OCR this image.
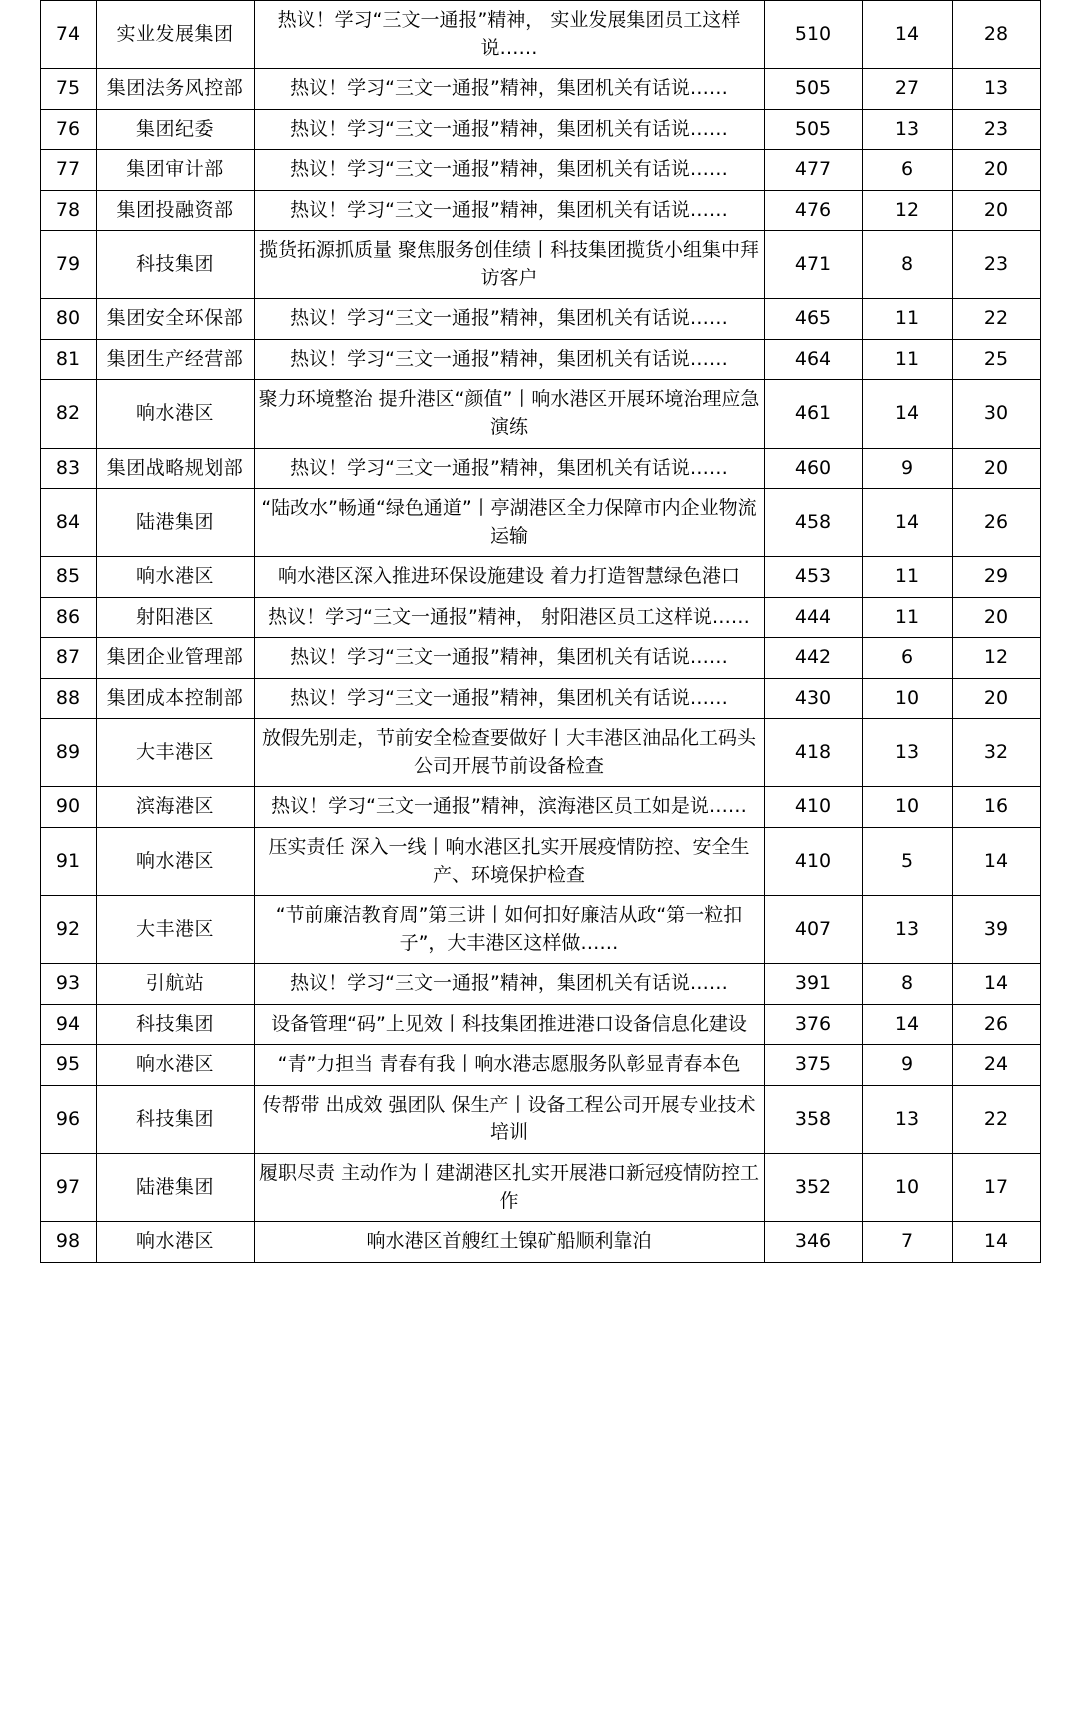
74	实业发展集团	热议！学习“三文一通报”精神， 实业发展集团员工这样说……	510	14	28
75	集团法务风控部	热议！学习“三文一通报”精神，集团机关有话说……	505	27	13
76	集团纪委	热议！学习“三文一通报”精神，集团机关有话说……	505	13	23
77	集团审计部	热议！学习“三文一通报”精神，集团机关有话说……	477	6	20
78	集团投融资部	热议！学习“三文一通报”精神，集团机关有话说……	476	12	20
79	科技集团	揽货拓源抓质量 聚焦服务创佳绩丨科技集团揽货小组集中拜访客户	471	8	23
80	集团安全环保部	热议！学习“三文一通报”精神，集团机关有话说……	465	11	22
81	集团生产经营部	热议！学习“三文一通报”精神，集团机关有话说……	464	11	25
82	响水港区	聚力环境整治 提升港区“颜值”丨响水港区开展环境治理应急演练	461	14	30
83	集团战略规划部	热议！学习“三文一通报”精神，集团机关有话说……	460	9	20
84	陆港集团	“陆改水”畅通“绿色通道”丨亭湖港区全力保障市内企业物流运输	458	14	26
85	响水港区	响水港区深入推进环保设施建设 着力打造智慧绿色港口	453	11	29
86	射阳港区	热议！学习“三文一通报”精神， 射阳港区员工这样说……	444	11	20
87	集团企业管理部	热议！学习“三文一通报”精神，集团机关有话说……	442	6	12
88	集团成本控制部	热议！学习“三文一通报”精神，集团机关有话说……	430	10	20
89	大丰港区	放假先别走，节前安全检查要做好丨大丰港区油品化工码头公司开展节前设备检查	418	13	32
90	滨海港区	热议！学习“三文一通报”精神，滨海港区员工如是说……	410	10	16
91	响水港区	压实责任 深入一线丨响水港区扎实开展疫情防控、安全生产、环境保护检查	410	5	14
92	大丰港区	“节前廉洁教育周”第三讲丨如何扣好廉洁从政“第一粒扣子”，大丰港区这样做……	407	13	39
93	引航站	热议！学习“三文一通报”精神，集团机关有话说……	391	8	14
94	科技集团	设备管理“码”上见效丨科技集团推进港口设备信息化建设	376	14	26
95	响水港区	“青”力担当 青春有我丨响水港志愿服务队彰显青春本色	375	9	24
96	科技集团	传帮带 出成效 强团队 保生产丨设备工程公司开展专业技术培训	358	13	22
97	陆港集团	履职尽责 主动作为丨建湖港区扎实开展港口新冠疫情防控工作	352	10	17
98	响水港区	响水港区首艘红土镍矿船顺利靠泊	346	7	14
